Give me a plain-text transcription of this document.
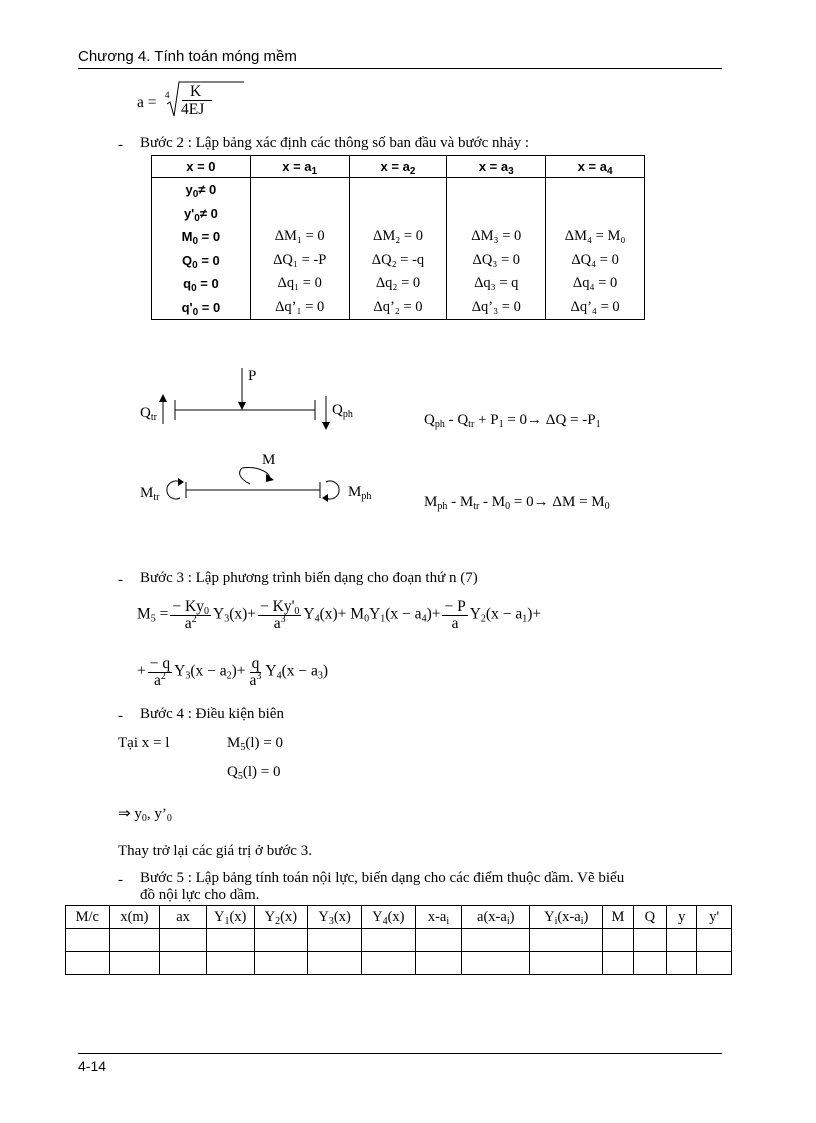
Chương 4. Tính toán móng mềm
a = 4 K
4EJ
- Bước 2 : Lập bảng xác định các thông số ban đầu và bước nhảy :
x = 0	$x = a_1$	$x = a_2$	$x = a_3$	$x = a_4$
$y_0\ne 0$				
$y'_0\ne 0$				
$M_0 = 0$	ΔM₁ = 0	ΔM₂ = 0	ΔM₃ = 0	ΔM₄ = M₀
$Q_0 = 0$	ΔQ₁ = -P	ΔQ₂ = -q	ΔQ₃ = 0	ΔQ₄ = 0
$q_0 = 0$	Δq₁ = 0	Δq₂ = 0	Δq₃ = q	Δq₄ = 0
$q'_0 = 0$	Δq’₁ = 0	Δq’₂ = 0	Δq’₃ = 0	Δq’₄ = 0
P
$Q_{tr}$	$Q_{ph}$	$Q_{ph} - Q_{tr} + P_1 = 0\to \Delta Q = -P_1$
M
$M_{tr}$	$M_{ph}$	$M_{ph} - M_{tr} - M_0 = 0\to \Delta M = M_0$
- Bước 3 : Lập phương trình biến dạng cho đoạn thứ n (7)
$M_5 = \frac{- Ky_0}{a^2} Y_3(x)+ \frac{- Ky'_0}{a^3} Y_4(x)+ M_0Y_1(x - a_4)+ \frac{- P}{a} Y_2(x - a_1)+$
+ $\frac{- q}{a^2} Y_3(x - a_2)+ \frac{q}{a^3} Y_4(x - a_3)$
- Bước 4 : Điều kiện biên
Tại x = l	$M_5(l) = 0$
$Q_5(l) = 0$
⇒ $y_0$, $y’_0$
Thay trở lại các giá trị ở bước 3.
- Bước 5 : Lập bảng tính toán nội lực, biến dạng cho các điểm thuộc dầm. Vẽ biểu
đồ nội lực cho dầm.
M/c	x(m)	ax	$Y_1(x)$	$Y_2(x)$	$Y_3(x)$	$Y_4(x)$	$x-a_i$	$a(x-a_i)$	$Y_i(x-a_i)$	M	Q	y	y'

4-14
